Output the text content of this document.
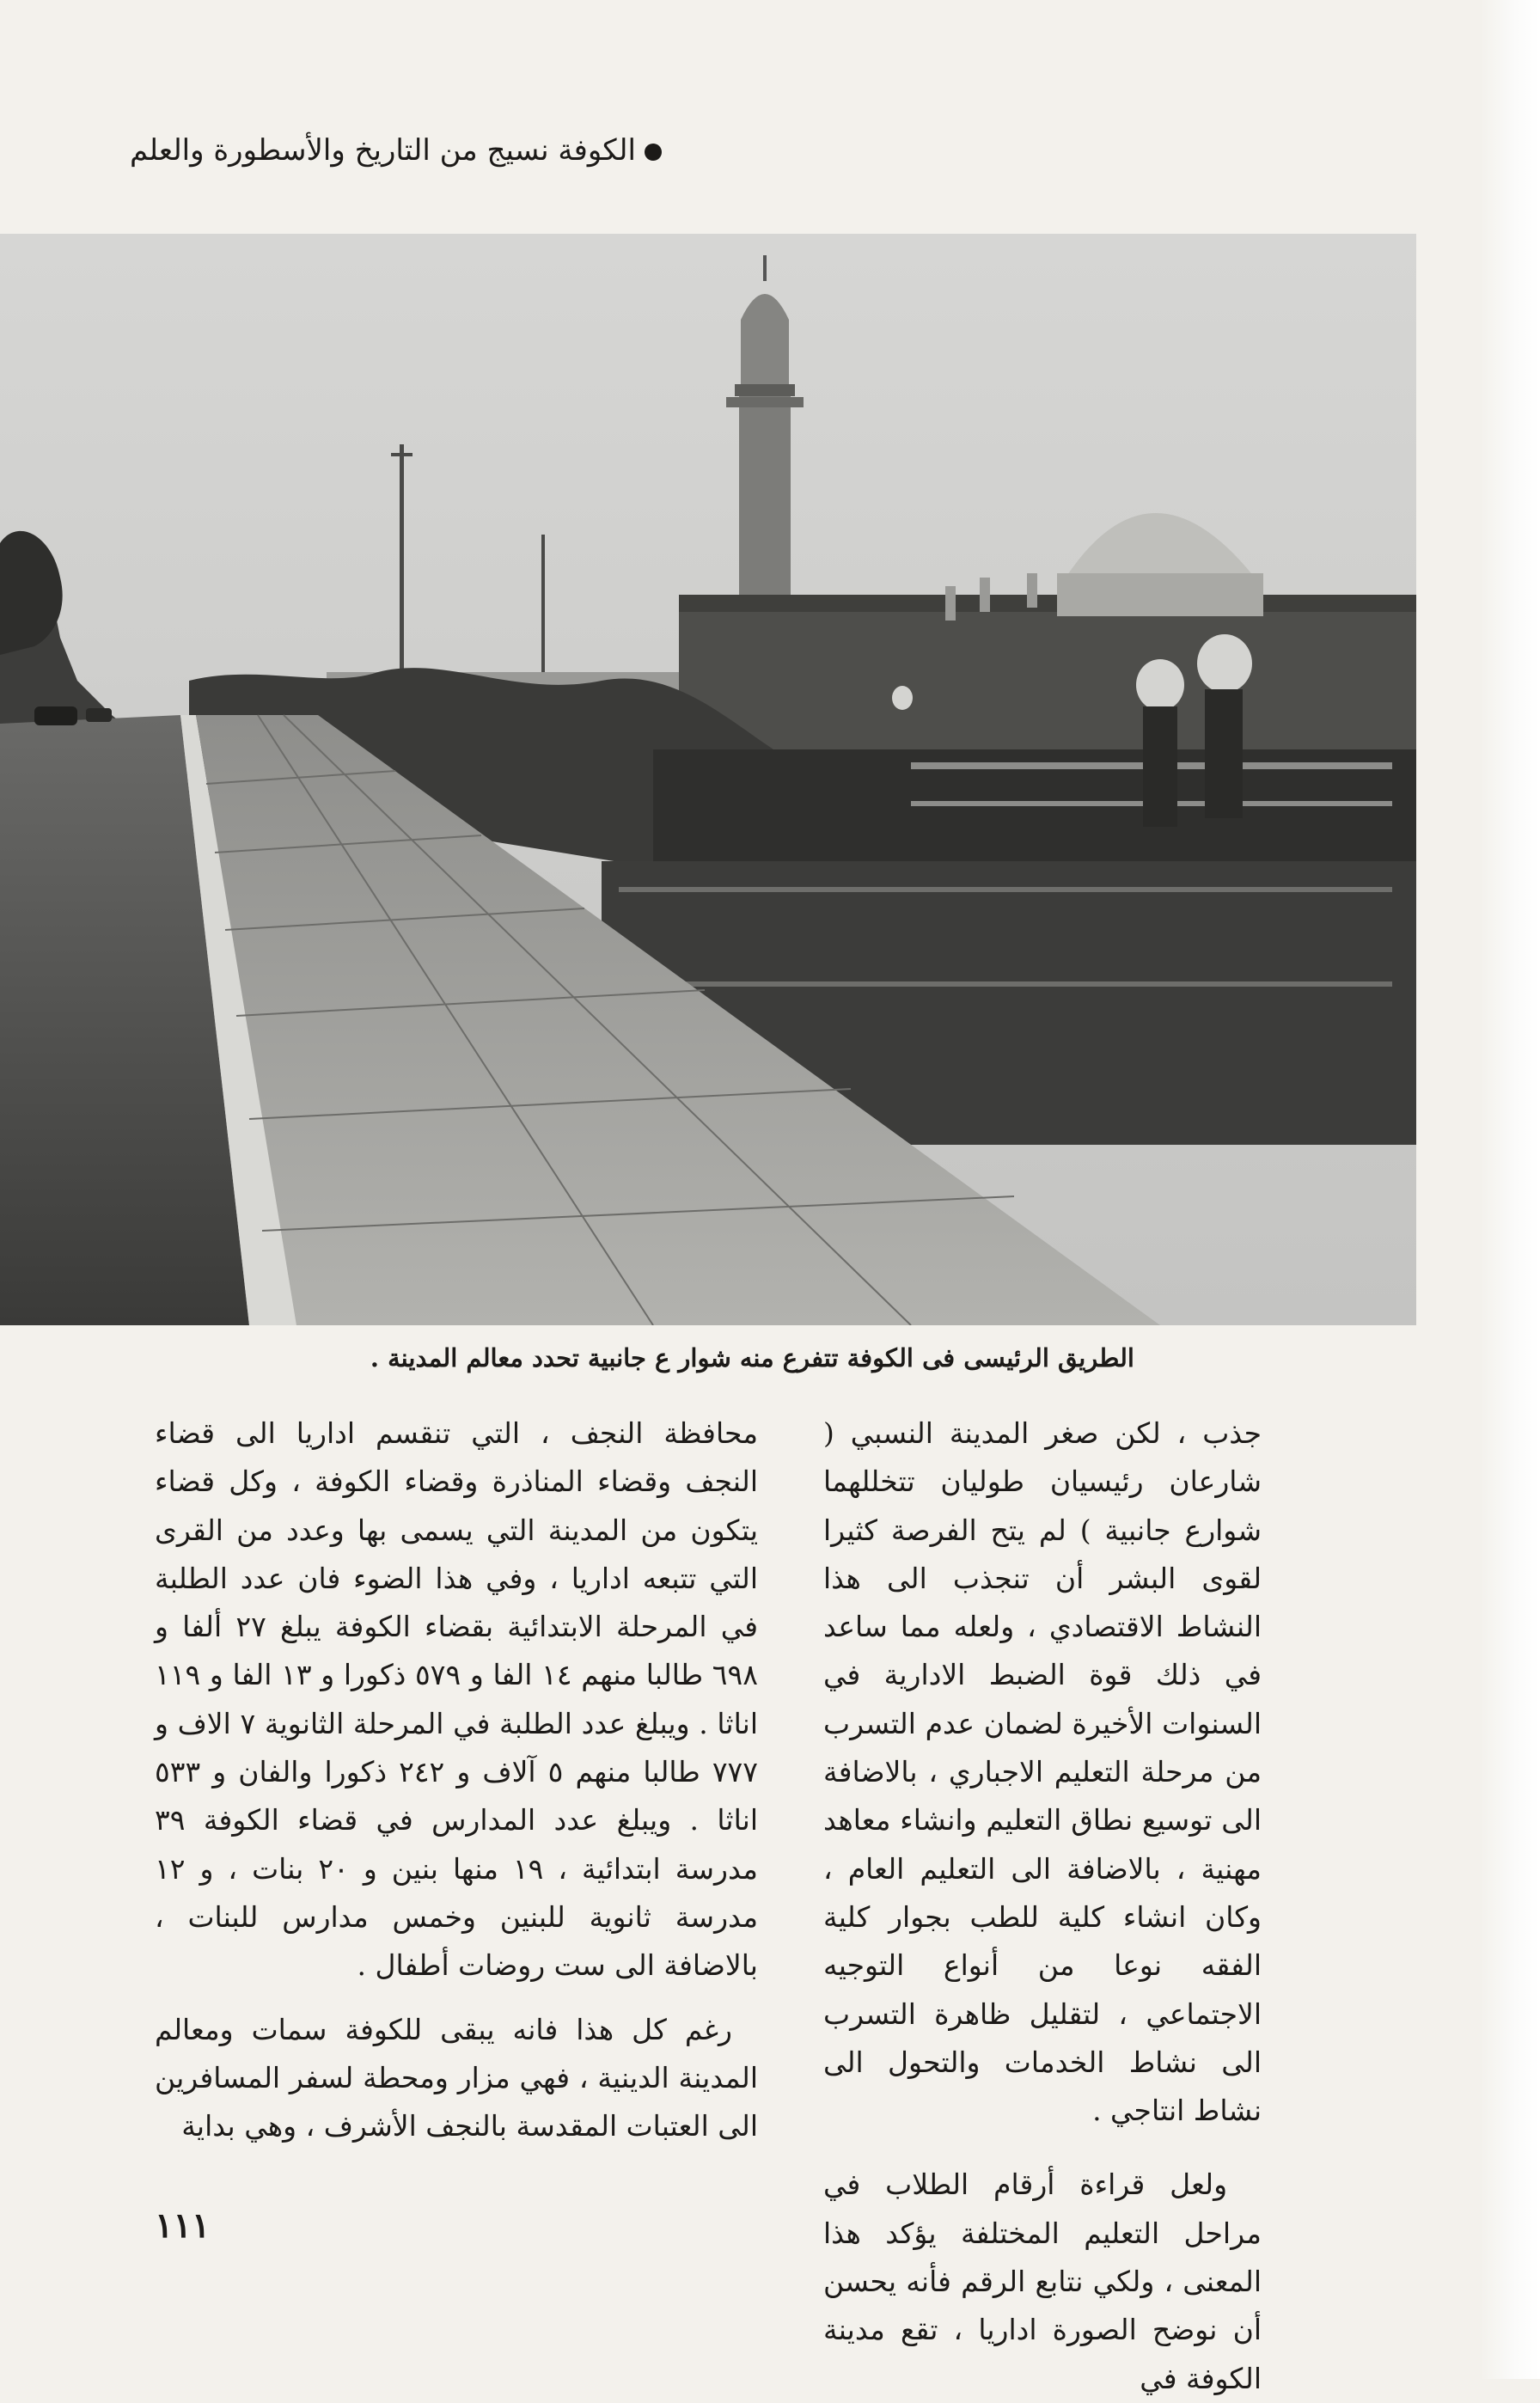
الكوفة نسيج من التاريخ والأسطورة والعلم
الطريق الرئيسى فى الكوفة تتفرع منه شوار ع جانبية تحدد معالم المدينة .

جذب ، لكن صغر المدينة النسبي ( شارعان رئيسيان طوليان تتخللهما شوارع جانبية ) لم يتح الفرصة كثيرا لقوى البشر أن تنجذب الى هذا النشاط الاقتصادي ، ولعله مما ساعد في ذلك قوة الضبط الادارية في السنوات الأخيرة لضمان عدم التسرب من مرحلة التعليم الاجباري ، بالاضافة الى توسيع نطاق التعليم وانشاء معاهد مهنية ، بالاضافة الى التعليم العام ، وكان انشاء كلية للطب بجوار كلية الفقه نوعا من أنواع التوجيه الاجتماعي ، لتقليل ظاهرة التسرب الى نشاط الخدمات والتحول الى نشاط انتاجي .

ولعل قراءة أرقام الطلاب في مراحل التعليم المختلفة يؤكد هذا المعنى ، ولكي نتابع الرقم فأنه يحسن أن نوضح الصورة اداريا ، تقع مدينة الكوفة في

محافظة النجف ، التي تنقسم اداريا الى قضاء النجف وقضاء المناذرة وقضاء الكوفة ، وكل قضاء يتكون من المدينة التي يسمى بها وعدد من القرى التي تتبعه اداريا ، وفي هذا الضوء فان عدد الطلبة في المرحلة الابتدائية بقضاء الكوفة يبلغ ٢٧ ألفا و ٦٩٨ طالبا منهم ١٤ الفا و ٥٧٩ ذكورا و ١٣ الفا و ١١٩ اناثا . ويبلغ عدد الطلبة في المرحلة الثانوية ٧ الاف و ٧٧٧ طالبا منهم ٥ آلاف و ٢٤٢ ذكورا والفان و ٥٣٣ اناثا . ويبلغ عدد المدارس في قضاء الكوفة ٣٩ مدرسة ابتدائية ، ١٩ منها بنين و ٢٠ بنات ، و ١٢ مدرسة ثانوية للبنين وخمس مدارس للبنات ، بالاضافة الى ست روضات أطفال .

رغم كل هذا فانه يبقى للكوفة سمات ومعالم المدينة الدينية ، فهي مزار ومحطة لسفر المسافرين الى العتبات المقدسة بالنجف الأشرف ، وهي بداية

١١١
